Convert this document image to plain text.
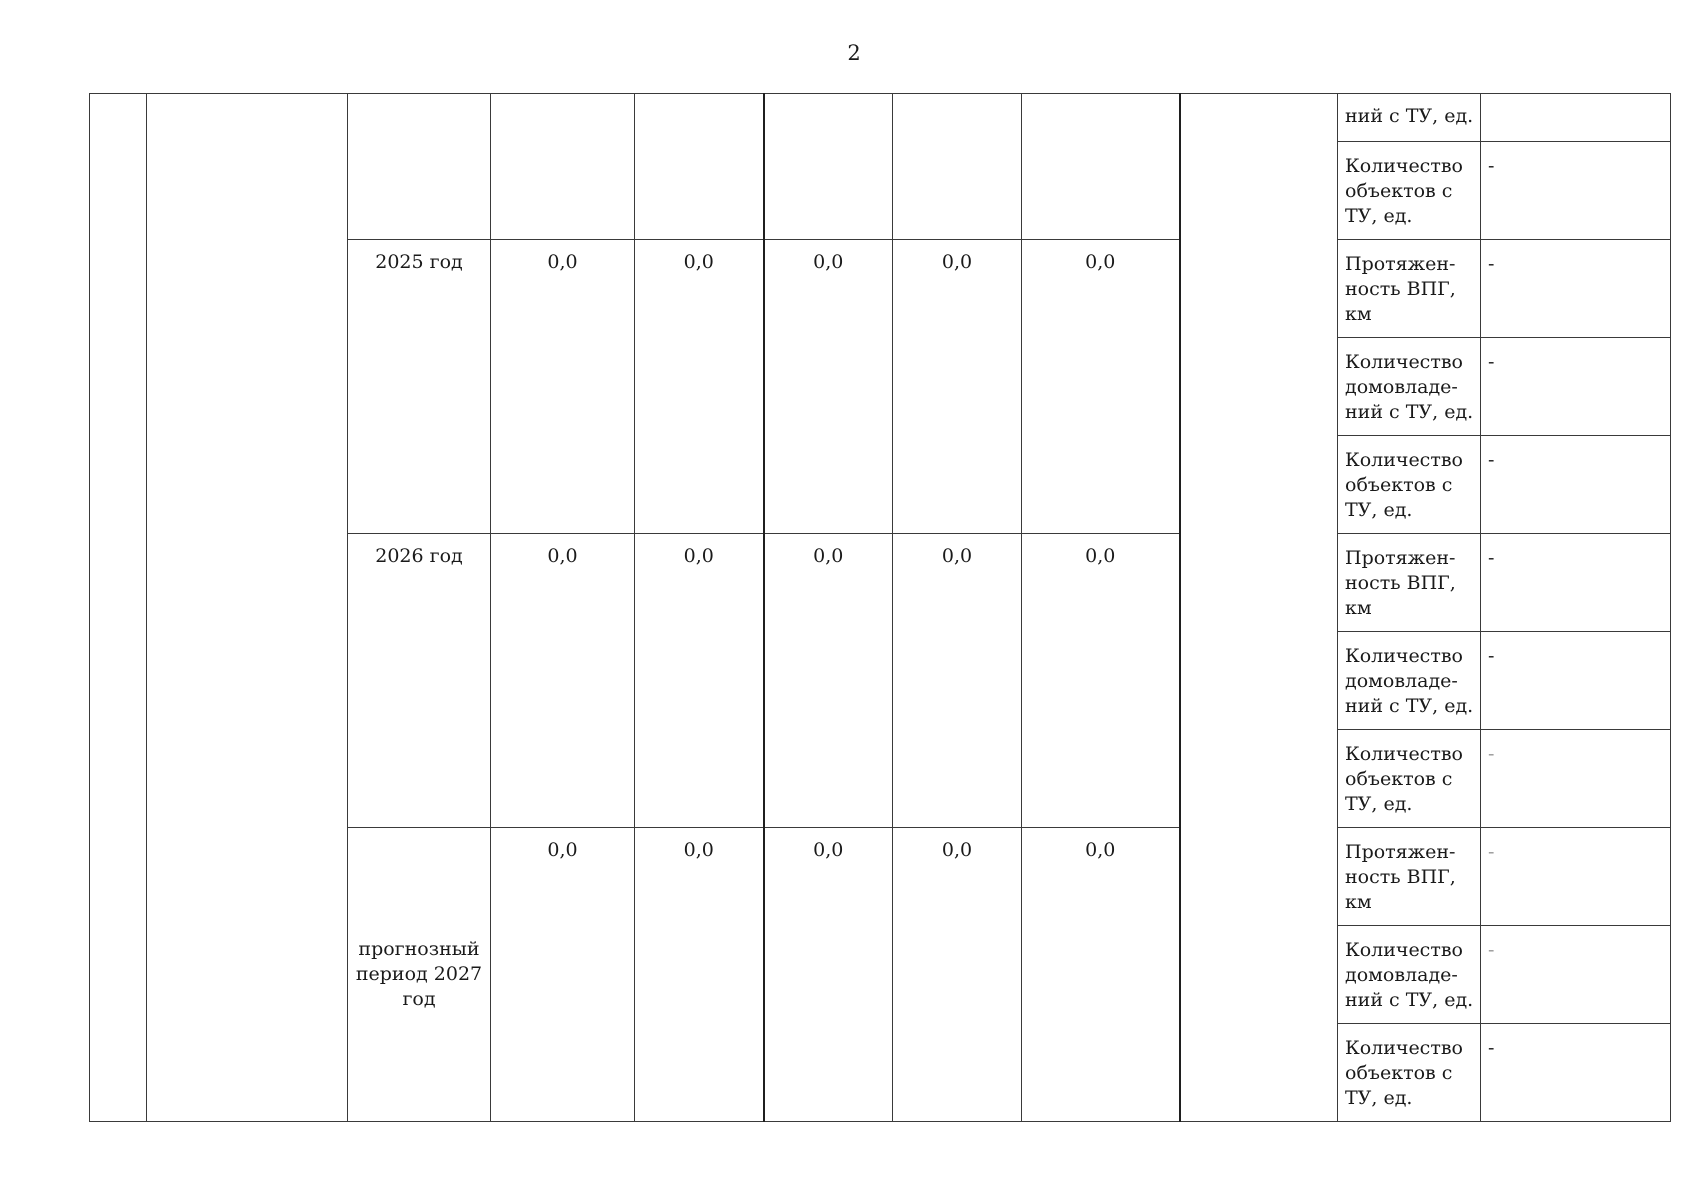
2
									ний с ТУ, ед.	
									Количество объектов с ТУ, ед.	-
		2025 год	0,0	0,0	0,0	0,0	0,0		Протяжен-ность ВПГ, км	-
									Количество домовладе-ний с ТУ, ед.	-
									Количество объектов с ТУ, ед.	-
		2026 год	0,0	0,0	0,0	0,0	0,0		Протяжен-ность ВПГ, км	-
									Количество домовладе-ний с ТУ, ед.	-
									Количество объектов с ТУ, ед.	-
		прогнозный период 2027 год	0,0	0,0	0,0	0,0	0,0		Протяжен-ность ВПГ, км	-
									Количество домовладе-ний с ТУ, ед.	-
									Количество объектов с ТУ, ед.	-
